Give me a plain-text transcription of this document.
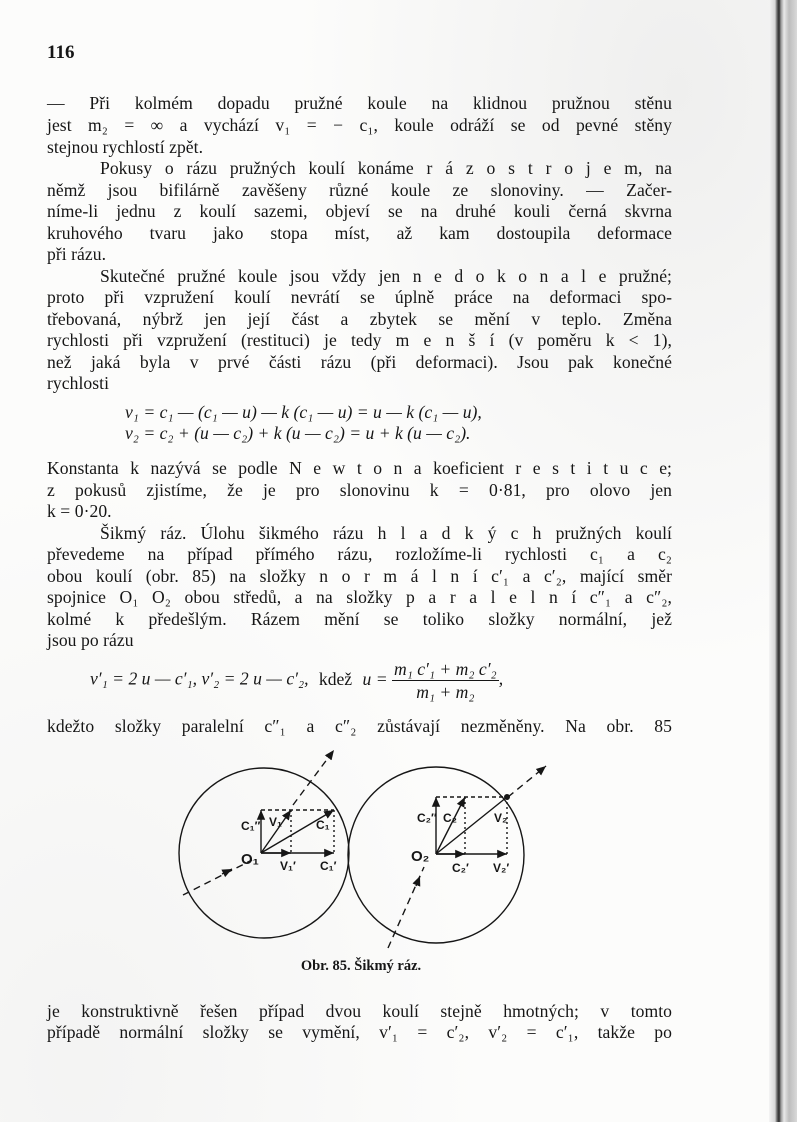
116
— Při kolmém dopadu pružné koule na klidnou pružnou stěnu
jest m₂ = ∞ a vychází v₁ = − c₁, koule odráží se od pevné stěny
stejnou rychlostí zpět.
Pokusy o rázu pružných koulí konáme r á z o s t r o j e m, na
němž jsou bifilárně zavěšeny různé koule ze slonoviny. — Začer-
níme-li jednu z koulí sazemi, objeví se na druhé kouli černá skvrna
kruhového tvaru jako stopa míst, až kam dostoupila deformace
při rázu.
Skutečné pružné koule jsou vždy jen n e d o k o n a l e pružné;
proto při vzpružení koulí nevrátí se úplně práce na deformaci spo-
třebovaná, nýbrž jen její část a zbytek se mění v teplo. Změna
rychlosti při vzpružení (restituci) je tedy m e n š í (v poměru k < 1),
než jaká byla v prvé části rázu (při deformaci). Jsou pak konečné
rychlosti
v₁ = c₁ — (c₁ — u) — k (c₁ — u) = u — k (c₁ — u),
v₂ = c₂ + (u — c₂) + k (u — c₂) = u + k (u — c₂).
Konstanta k nazývá se podle N e w t o n a koeficient r e s t i t u c e;
z pokusů zjistíme, že je pro slonovinu k = 0·81, pro olovo jen
k = 0·20.
Šikmý ráz. Úlohu šikmého rázu h l a d k ý c h pružných koulí
převedeme na případ přímého rázu, rozložíme-li rychlosti c₁ a c₂
obou koulí (obr. 85) na složky n o r m á l n í c′₁ a c′₂, mající směr
spojnice O₁ O₂ obou středů, a na složky p a r a l e l n í c″₁ a c″₂,
kolmé k předešlým. Rázem mění se toliko složky normální, jež
jsou po rázu
v′₁ = 2 u — c′₁, v′₂ = 2 u — c′₂, kdež $u = \frac{\text{m₁ c′₁ + m₂ c′₂}}{\text{m₁ + m₂}}$ ,
kdežto složky paralelní c″₁ a c″₂ zůstávají nezměněny. Na obr. 85
O₁
C₁″ V₁	C₁
V₁′ C₁′
O₂
C₂″ C₂	V₂
C₂′ V₂′
Obr. 85. Šikmý ráz.
je konstruktivně řešen případ dvou koulí stejně hmotných; v tomto
případě normální složky se vymění, v′₁ = c′₂, v′₂ = c′₁, takže po
